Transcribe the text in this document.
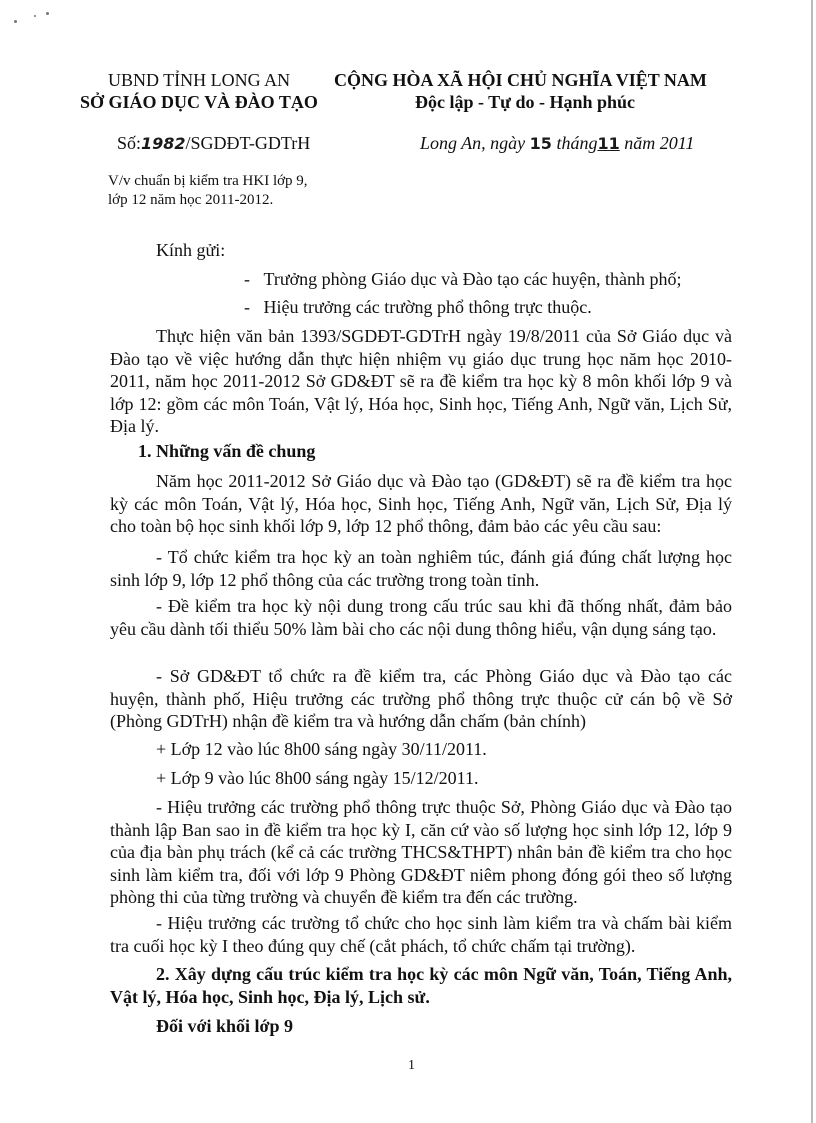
UBND TỈNH LONG AN
SỞ GIÁO DỤC VÀ ĐÀO TẠO
CỘNG HÒA XÃ HỘI CHỦ NGHĨA VIỆT NAM
Độc lập - Tự do - Hạnh phúc
Số:1982/SGDĐT-GDTrH	Long An, ngày 15 tháng11 năm 2011
V/v chuẩn bị kiểm tra HKI lớp 9,
lớp 12 năm học 2011-2012.
Kính gửi:
-   Trưởng phòng Giáo dục và Đào tạo các huyện, thành phố;
-   Hiệu trưởng các trường phổ thông trực thuộc.
Thực hiện văn bản 1393/SGDĐT-GDTrH ngày 19/8/2011 của Sở Giáo dục và Đào tạo về việc hướng dẫn thực hiện nhiệm vụ giáo dục trung học năm học 2010-2011, năm học 2011-2012 Sở GD&ĐT sẽ ra đề kiểm tra học kỳ 8 môn khối lớp 9 và lớp 12: gồm các môn Toán, Vật lý, Hóa học, Sinh học, Tiếng Anh, Ngữ văn, Lịch Sử, Địa lý.
1. Những vấn đề chung
Năm học 2011-2012 Sở Giáo dục và Đào tạo (GD&ĐT) sẽ ra đề kiểm tra học kỳ các môn Toán, Vật lý, Hóa học, Sinh học, Tiếng Anh, Ngữ văn, Lịch Sử, Địa lý cho toàn bộ học sinh khối lớp 9, lớp 12 phổ thông, đảm bảo các yêu cầu sau:
- Tổ chức kiểm tra học kỳ an toàn nghiêm túc, đánh giá đúng chất lượng học sinh lớp 9, lớp 12 phổ thông của các trường trong toàn tỉnh.
- Đề kiểm tra học kỳ nội dung trong cấu trúc sau khi đã thống nhất, đảm bảo yêu cầu dành tối thiểu 50% làm bài cho các nội dung thông hiểu, vận dụng sáng tạo.
- Sở GD&ĐT tổ chức ra đề kiểm tra, các Phòng Giáo dục và Đào tạo các huyện, thành phố, Hiệu trưởng các trường phổ thông trực thuộc cử cán bộ về Sở (Phòng GDTrH) nhận đề kiểm tra và hướng dẫn chấm (bản chính)
+ Lớp 12 vào lúc 8h00 sáng ngày 30/11/2011.
+ Lớp 9 vào lúc 8h00 sáng ngày 15/12/2011.
- Hiệu trưởng các trường phổ thông trực thuộc Sở, Phòng Giáo dục và Đào tạo thành lập Ban sao in đề kiểm tra học kỳ I, căn cứ vào số lượng học sinh lớp 12, lớp 9 của địa bàn phụ trách (kể cả các trường THCS&THPT) nhân bản đề kiểm tra cho học sinh làm kiểm tra, đối với lớp 9 Phòng GD&ĐT niêm phong đóng gói theo số lượng phòng thi của từng trường và chuyển đề kiểm tra đến các trường.
- Hiệu trưởng các trường tổ chức cho học sinh làm kiểm tra và chấm bài kiểm tra cuối học kỳ I theo đúng quy chế (cắt phách, tổ chức chấm tại trường).
2. Xây dựng cấu trúc kiểm tra học kỳ các môn Ngữ văn, Toán, Tiếng Anh, Vật lý, Hóa học, Sinh học, Địa lý, Lịch sử.
Đối với khối lớp 9
1
